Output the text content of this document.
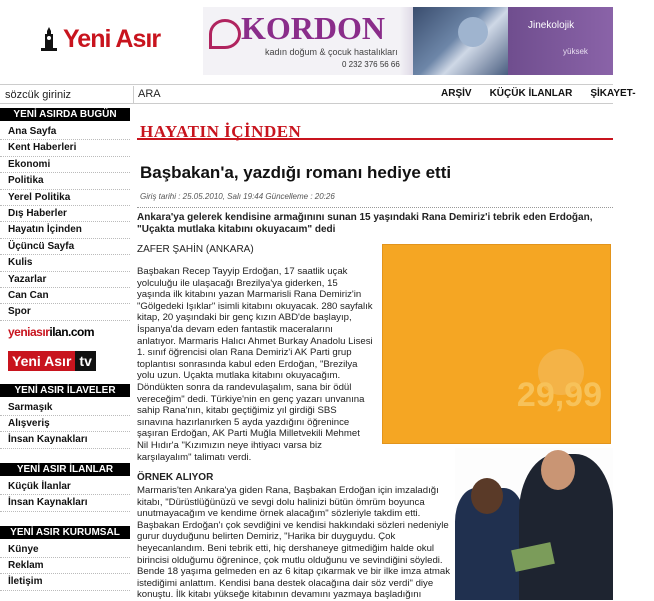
Yeni Asır	KORDON
kadın doğum & çocuk hastalıkları
0 232 376 56 66
Jinekolojik
yüksek
sözcük giriniz
ARA	ARŞİV KÜÇÜK İLANLAR ŞİKAYET-
YENİ ASIRDA BUGÜN
Ana Sayfa
Kent Haberleri
Ekonomi
Politika
Yerel Politika
Dış Haberler
Hayatın İçinden
Üçüncü Sayfa
Kulis
Yazarlar
Can Can
Spor
yeniasırilan.com
Yeni Asır tv
YENİ ASIR İLAVELER
Sarmaşık
Alışveriş
İnsan Kaynakları
YENİ ASIR İLANLAR
Küçük İlanlar
İnsan Kaynakları
YENİ ASIR KURUMSAL
Künye
Reklam
İletişim
HAYATIN İÇİNDEN
Başbakan'a, yazdığı romanı hediye etti
Giriş tarihi : 25.05.2010, Salı 19:44 Güncelleme : 20:26
Ankara'ya gelerek kendisine armağınını sunan 15 yaşındaki Rana Demiriz'i tebrik eden Erdoğan, "Uçakta mutlaka kitabını okuyacaım" dedi
ZAFER ŞAHİN (ANKARA)

Başbakan Recep Tayyip Erdoğan, 17 saatlik uçak yolculuğu ile ulaşacağı Brezilya'ya giderken, 15 yaşında ilk kitabını yazan Marmarisli Rana Demiriz'in "Gölgedeki Işıklar" isimli kitabını okuyacak. 280 sayfalık kitap, 20 yaşındaki bir genç kızın ABD'de başlayıp, İspanya'da devam eden fantastik maceralarını anlatıyor. Marmaris Halıcı Ahmet Burkay Anadolu Lisesi 1. sınıf öğrencisi olan Rana Demiriz'i AK Parti grup toplantısı sonrasında kabul eden Erdoğan, "Brezilya yolu uzun. Uçakta mutlaka kitabını okuyacağım. Döndükten sonra da randevulaşalım, sana bir ödül vereceğim" dedi. Türkiye'nin en genç yazarı unvanına sahip Rana'nın, kitabı geçtiğimiz yıl girdiği SBS sınavına hazırlanırken 5 ayda yazdığını öğrenince şaşıran Erdoğan, AK Parti Muğla Milletvekili Mehmet Nil Hıdır'a "Kızımızın neye ihtiyacı varsa biz karşılayalım" talimatı verdi.

29,99
ÖRNEK ALIYOR

Marmaris'ten Ankara'ya giden Rana, Başbakan Erdoğan için imzaladığı kitabı, "Dürüstlüğünüzü ve sevgi dolu halinizi bütün ömrüm boyunca unutmayacağım ve kendime örnek alacağım" sözleriyle takdim etti. Başbakan Erdoğan'ı çok sevdiğini ve kendisi hakkındaki sözleri nedeniyle gurur duyduğunu belirten Demiriz, "Harika bir duyguydu. Çok heyecanlandım. Beni tebrik etti, hiç dershaneye gitmediğim halde okul birincisi olduğumu öğrenince, çok mutlu olduğunu ve sevindiğini söyledi. Bende 18 yaşıma gelmeden en az 6 kitap çıkarmak ve bir ilke imza atmak istediğimi anlattım. Kendisi bana destek olacağına dair söz verdi" diye konuştu. İlk kitabı yükseğe kitabının devamını yazmaya başladığını
